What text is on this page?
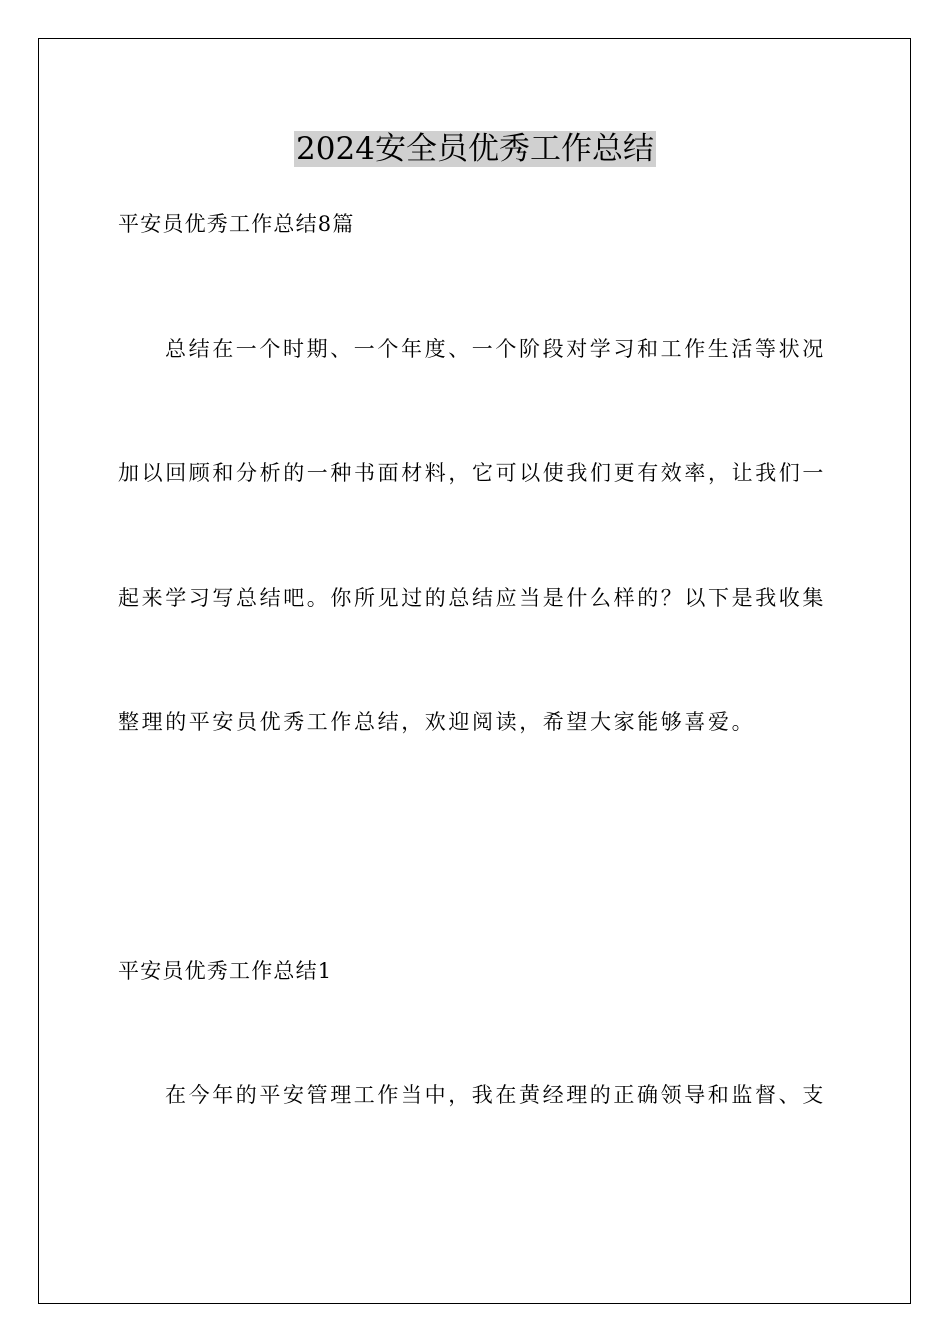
2024安全员优秀工作总结
平安员优秀工作总结8篇
总结在一个时期、一个年度、一个阶段对学习和工作生活等状况
加以回顾和分析的一种书面材料，它可以使我们更有效率，让我们一
起来学习写总结吧。你所见过的总结应当是什么样的？以下是我收集
整理的平安员优秀工作总结，欢迎阅读，希望大家能够喜爱。
平安员优秀工作总结1
在今年的平安管理工作当中，我在黄经理的正确领导和监督、支
